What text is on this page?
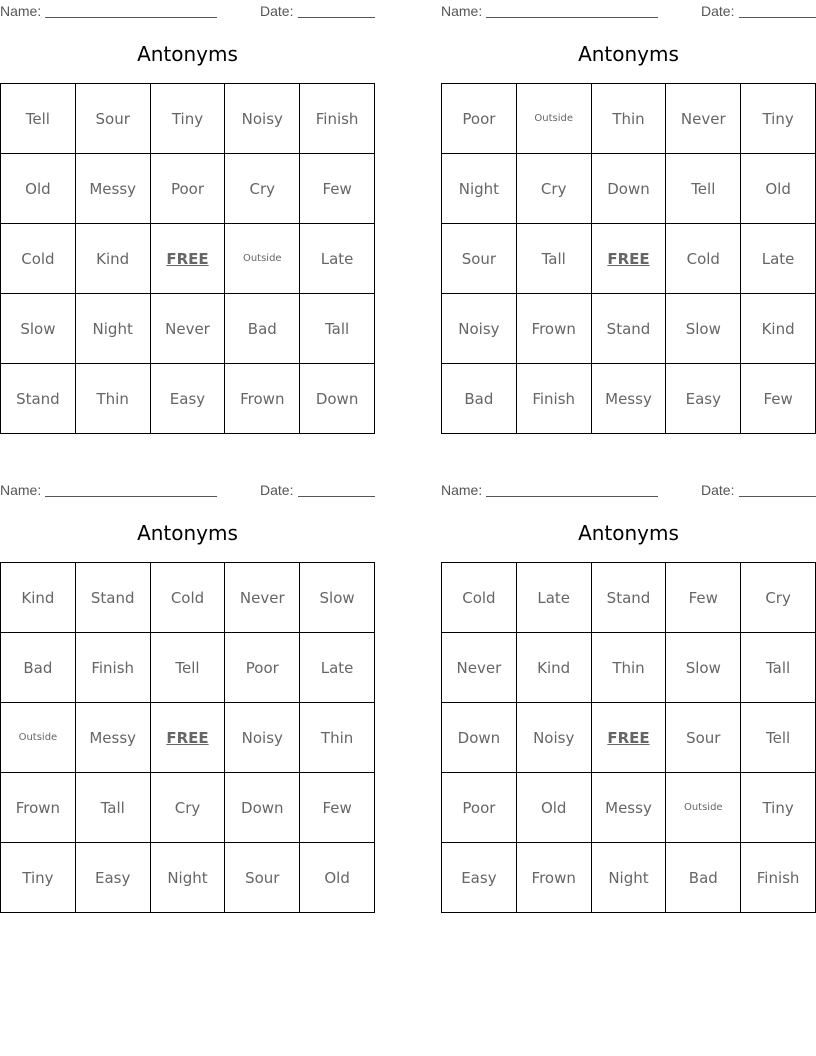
Name:	Date:
Antonyms
Tell	Sour	Tiny	Noisy	Finish
Old	Messy	Poor	Cry	Few
Cold	Kind	FREE	Outside	Late
Slow	Night	Never	Bad	Tall
Stand	Thin	Easy	Frown	Down
Name:	Date:
Antonyms
Poor	Outside	Thin	Never	Tiny
Night	Cry	Down	Tell	Old
Sour	Tall	FREE	Cold	Late
Noisy	Frown	Stand	Slow	Kind
Bad	Finish	Messy	Easy	Few
Name:	Date:
Antonyms
Kind	Stand	Cold	Never	Slow
Bad	Finish	Tell	Poor	Late
Outside	Messy	FREE	Noisy	Thin
Frown	Tall	Cry	Down	Few
Tiny	Easy	Night	Sour	Old
Name:	Date:
Antonyms
Cold	Late	Stand	Few	Cry
Never	Kind	Thin	Slow	Tall
Down	Noisy	FREE	Sour	Tell
Poor	Old	Messy	Outside	Tiny
Easy	Frown	Night	Bad	Finish
